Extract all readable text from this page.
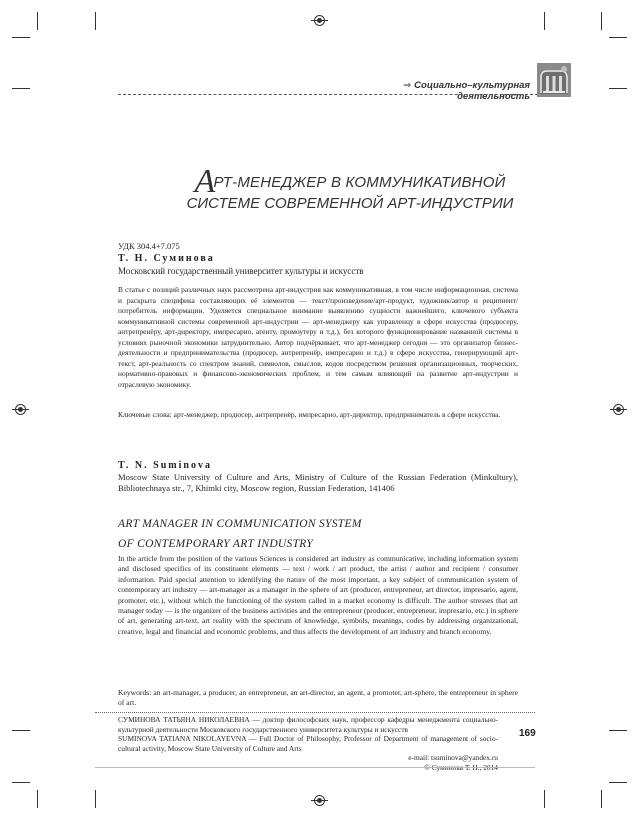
⇒ Социально–культурная деятельность
АРТ-МЕНЕДЖЕР В КОММУНИКАТИВНОЙ
СИСТЕМЕ СОВРЕМЕННОЙ АРТ-ИНДУСТРИИ
УДК 304.4+7.075
Т. Н. Суминова
Московский государственный университет культуры и искусств
В статье с позиций различных наук рассмотрена арт-индустрия как коммуникативная, в том числе информационная, система и раскрыта специфика составляющих её элементов — текст/произведение/арт-продукт, художник/автор и реципиент/потребитель информации. Уделяется специальное внимание выявлению сущности важнейшего, ключевого субъекта коммуникативной системы современной арт-индустрии — арт-менеджеру как управленцу в сфере искусства (продюсеру, антрепренёру, арт-директору, импресарио, агенту, промоутеру и т.д.), без которого функционирование названной системы в условиях рыночной экономики затруднительно. Автор подчёркивает, что арт-менеджер сегодня — это организатор бизнес-деятельности и предпринимательства (продюсер, антрепренёр, импресарио и т.д.) в сфере искусства, генерирующий арт-текст, арт-реальность со спектром знаний, символов, смыслов, кодов посредством решения организационных, творческих, нормативно-правовых и финансово-экономических проблем, и тем самым влияющий на развитие арт-индустрии и отраслевую экономику.
Ключевые слова: арт-менеджер, продюсер, антрепренёр, импресарио, арт-директор, предприниматель в сфере искусства.
T. N. Suminova
Moscow State University of Culture and Arts, Ministry of Culture of the Russian Federation (Minkultury), Bibliotechnaya str., 7, Khimki city, Moscow region, Russian Federation, 141406
ART MANAGER IN COMMUNICATION SYSTEM
OF CONTEMPORARY ART INDUSTRY
In the article from the position of the various Sciences is considered art industry as communicative, including information system and disclosed specifics of its constituent elements — text / work / art product, the artist / author and recipient / consumer information. Paid special attention to identifying the nature of the most important, a key subject of communication system of contemporary art industry — art-manager as a manager in the sphere of art (producer, entrepreneur, art director, impresario, agent, promoter, etc.), without which the functioning of the system called in a market economy is difficult. The author stresses that art manager today — is the organizer of the business activities and the entrepreneur (producer, entrepreneur, impresario, etc.) in sphere of art, generating art-text, art reality with the spectrum of knowledge, symbols, meanings, codes by addressing organizational, creative, legal and financial and economic problems, and thus affects the development of art industry and branch economy.
Keywords: an art-manager, a producer, an entrepreneur, an art-director, an agent, a promoter, art-sphere, the entrepreneur in sphere of art.
СУМИНОВА ТАТЬЯНА НИКОЛАЕВНА — доктор философских наук, профессор кафедры менеджмента социально-культурной деятельности Московского государственного университета культуры и искусств
SUMINOVA TATIANA NIKOLAYEVNA — Full Doctor of Philosophy, Professor of Department of management of socio-cultural activity, Moscow State University of Culture and Arts
e-mail: tsuminova@yandex.ru
© Суминова Т. Н., 2014
169
